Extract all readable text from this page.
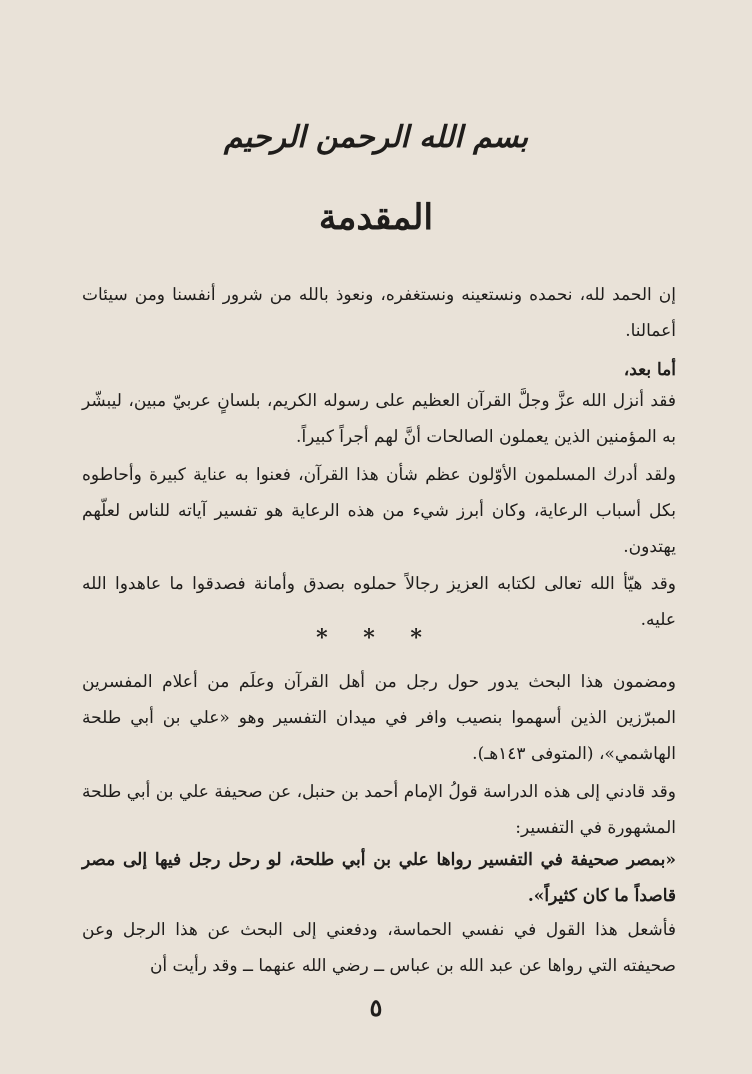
بسم الله الرحمن الرحيم
المقدمة
إن الحمد لله، نحمده ونستعينه ونستغفره، ونعوذ بالله من شرور أنفسنا ومن سيئات أعمالنا.
أما بعد،
فقد أنزل الله عزَّ وجلَّ القرآن العظيم على رسوله الكريم، بلسانٍ عربيّ مبين، ليبشّر به المؤمنين الذين يعملون الصالحات أنَّ لهم أجراً كبيراً.
ولقد أدرك المسلمون الأوّلون عظم شأن هذا القرآن، فعنوا به عناية كبيرة وأحاطوه بكل أسباب الرعاية، وكان أبرز شيء من هذه الرعاية هو تفسير آياته للناس لعلّهم يهتدون.
وقد هيّأ الله تعالى لكتابه العزيز رجالاً حملوه بصدق وأمانة فصدقوا ما عاهدوا الله عليه.
* * *
ومضمون هذا البحث يدور حول رجل من أهل القرآن وعلَم من أعلام المفسرين المبرّزين الذين أسهموا بنصيب وافر في ميدان التفسير وهو «علي بن أبي طلحة الهاشمي»، (المتوفى ١٤٣هـ).
وقد قادني إلى هذه الدراسة قولُ الإمام أحمد بن حنبل، عن صحيفة علي بن أبي طلحة المشهورة في التفسير:
«بمصر صحيفة في التفسير رواها علي بن أبي طلحة، لو رحل رجل فيها إلى مصر قاصداً ما كان كثيراً».
فأشعل هذا القول في نفسي الحماسة، ودفعني إلى البحث عن هذا الرجل وعن صحيفته التي رواها عن عبد الله بن عباس ــ رضي الله عنهما ــ وقد رأيت أن
٥
